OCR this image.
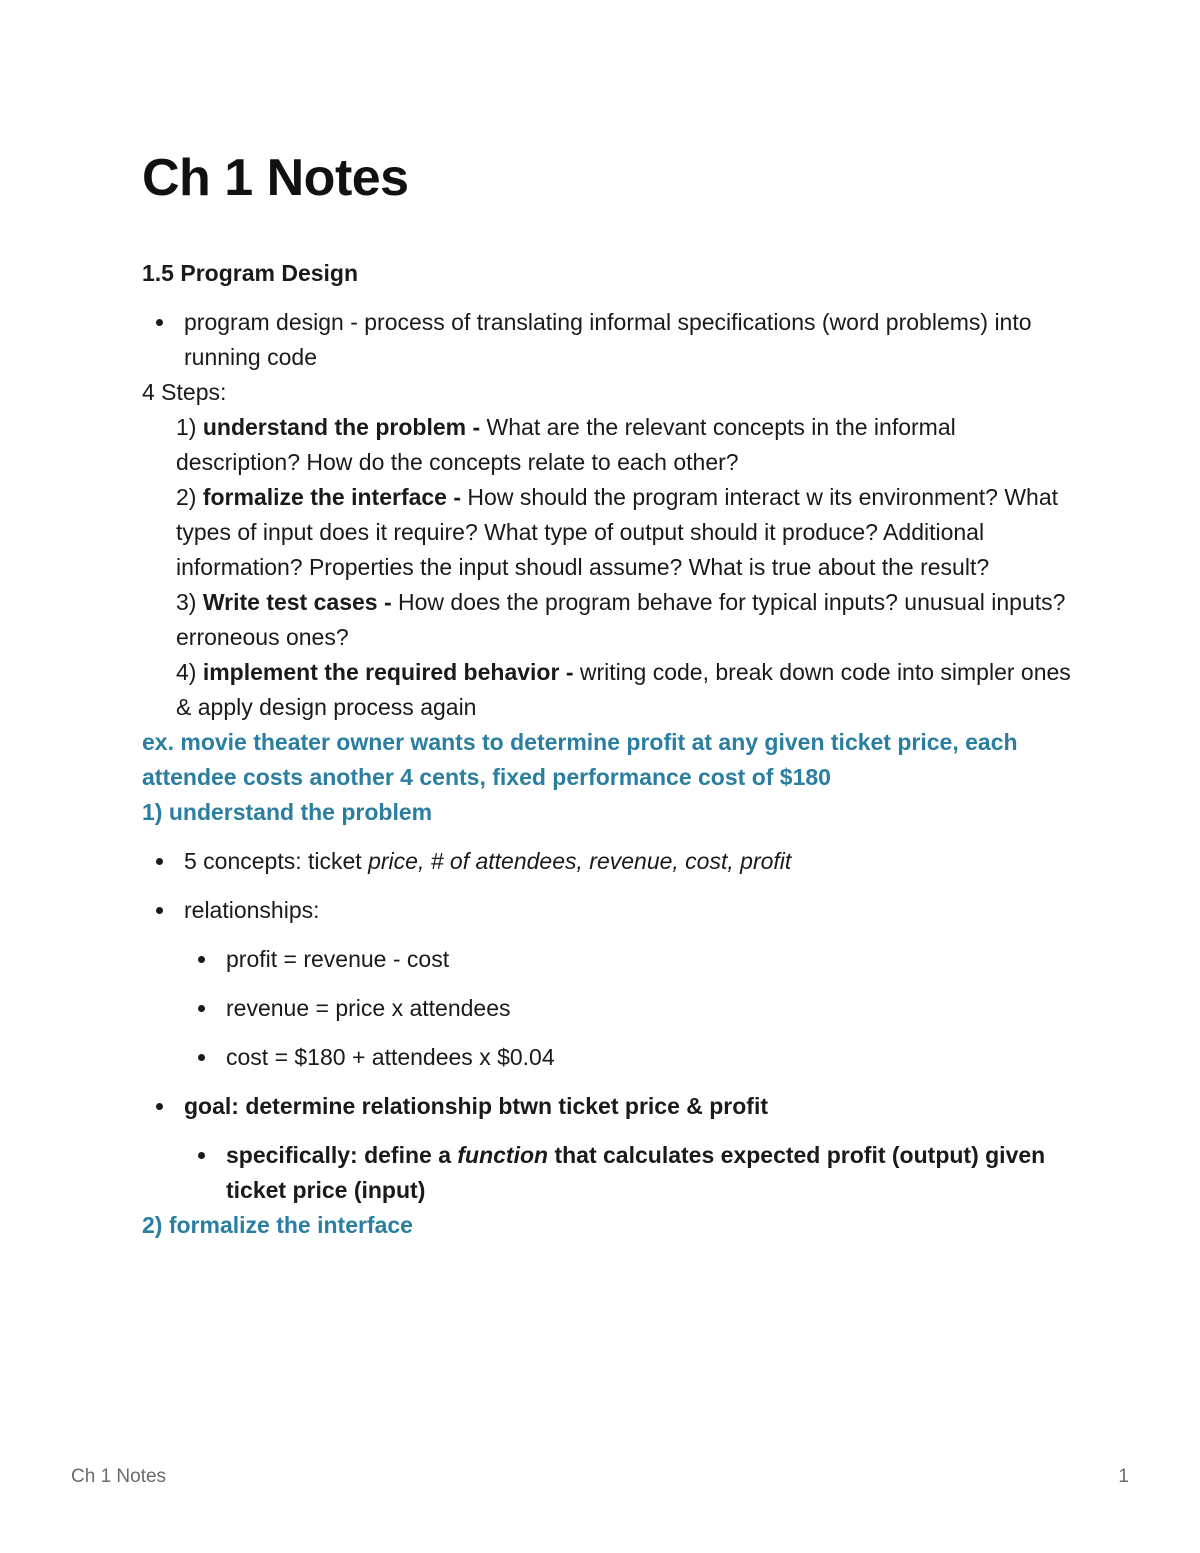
Ch 1 Notes

1.5 Program Design

program design - process of translating informal specifications (word problems) into running code

4 Steps:

1) understand the problem - What are the relevant concepts in the informal description? How do the concepts relate to each other?

2) formalize the interface - How should the program interact w its environment? What types of input does it require? What type of output should it produce? Additional information? Properties the input shoudl assume? What is true about the result?

3) Write test cases - How does the program behave for typical inputs? unusual inputs? erroneous ones?

4) implement the required behavior - writing code, break down code into simpler ones & apply design process again

ex. movie theater owner wants to determine profit at any given ticket price, each attendee costs another 4 cents, fixed performance cost of $180

1) understand the problem

5 concepts: ticket price, # of attendees, revenue, cost, profit
relationships:
profit = revenue - cost
revenue = price x attendees
cost = $180 + attendees x $0.04
goal: determine relationship btwn ticket price & profit
specifically: define a function that calculates expected profit (output) given ticket price (input)

2) formalize the interface

Ch 1 Notes	1
